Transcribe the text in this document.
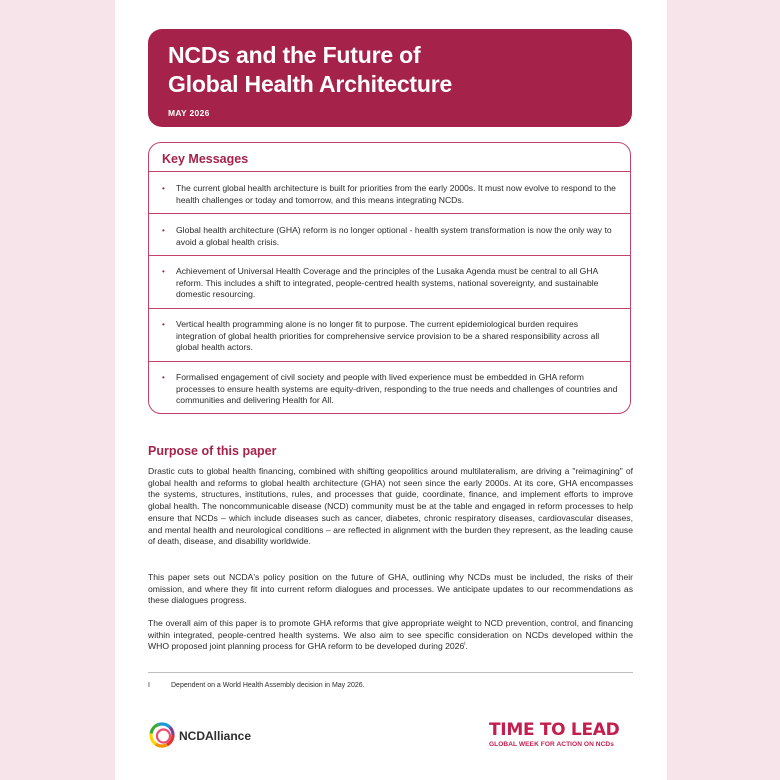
NCDs and the Future of
Global Health Architecture
MAY 2026
Key Messages
• The current global health architecture is built for priorities from the early 2000s. It must now evolve to respond to the health challenges or today and tomorrow, and this means integrating NCDs.
• Global health architecture (GHA) reform is no longer optional - health system transformation is now the only way to avoid a global health crisis.
• Achievement of Universal Health Coverage and the principles of the Lusaka Agenda must be central to all GHA reform. This includes a shift to integrated, people-centred health systems, national sovereignty, and sustainable domestic resourcing.
• Vertical health programming alone is no longer fit to purpose. The current epidemiological burden requires integration of global health priorities for comprehensive service provision to be a shared responsibility across all global health actors.
• Formalised engagement of civil society and people with lived experience must be embedded in GHA reform processes to ensure health systems are equity-driven, responding to the true needs and challenges of countries and communities and delivering Health for All.
Purpose of this paper
Drastic cuts to global health financing, combined with shifting geopolitics around multilateralism, are driving a "reimagining" of global health and reforms to global health architecture (GHA) not seen since the early 2000s. At its core, GHA encompasses the systems, structures, institutions, rules, and processes that guide, coordinate, finance, and implement efforts to improve global health. The noncommunicable disease (NCD) community must be at the table and engaged in reform processes to help ensure that NCDs – which include diseases such as cancer, diabetes, chronic respiratory diseases, cardiovascular diseases, and mental health and neurological conditions – are reflected in alignment with the burden they represent, as the leading cause of death, disease, and disability worldwide.
This paper sets out NCDA's policy position on the future of GHA, outlining why NCDs must be included, the risks of their omission, and where they fit into current reform dialogues and processes. We anticipate updates to our recommendations as these dialogues progress.
The overall aim of this paper is to promote GHA reforms that give appropriate weight to NCD prevention, control, and financing within integrated, people-centred health systems. We also aim to see specific consideration on NCDs developed within the WHO proposed joint planning process for GHA reform to be developed during 2026$^i$.
I	Dependent on a World Health Assembly decision in May 2026.
NCDAlliance	TIME TO LEAD
GLOBAL WEEK FOR ACTION ON NCDs
